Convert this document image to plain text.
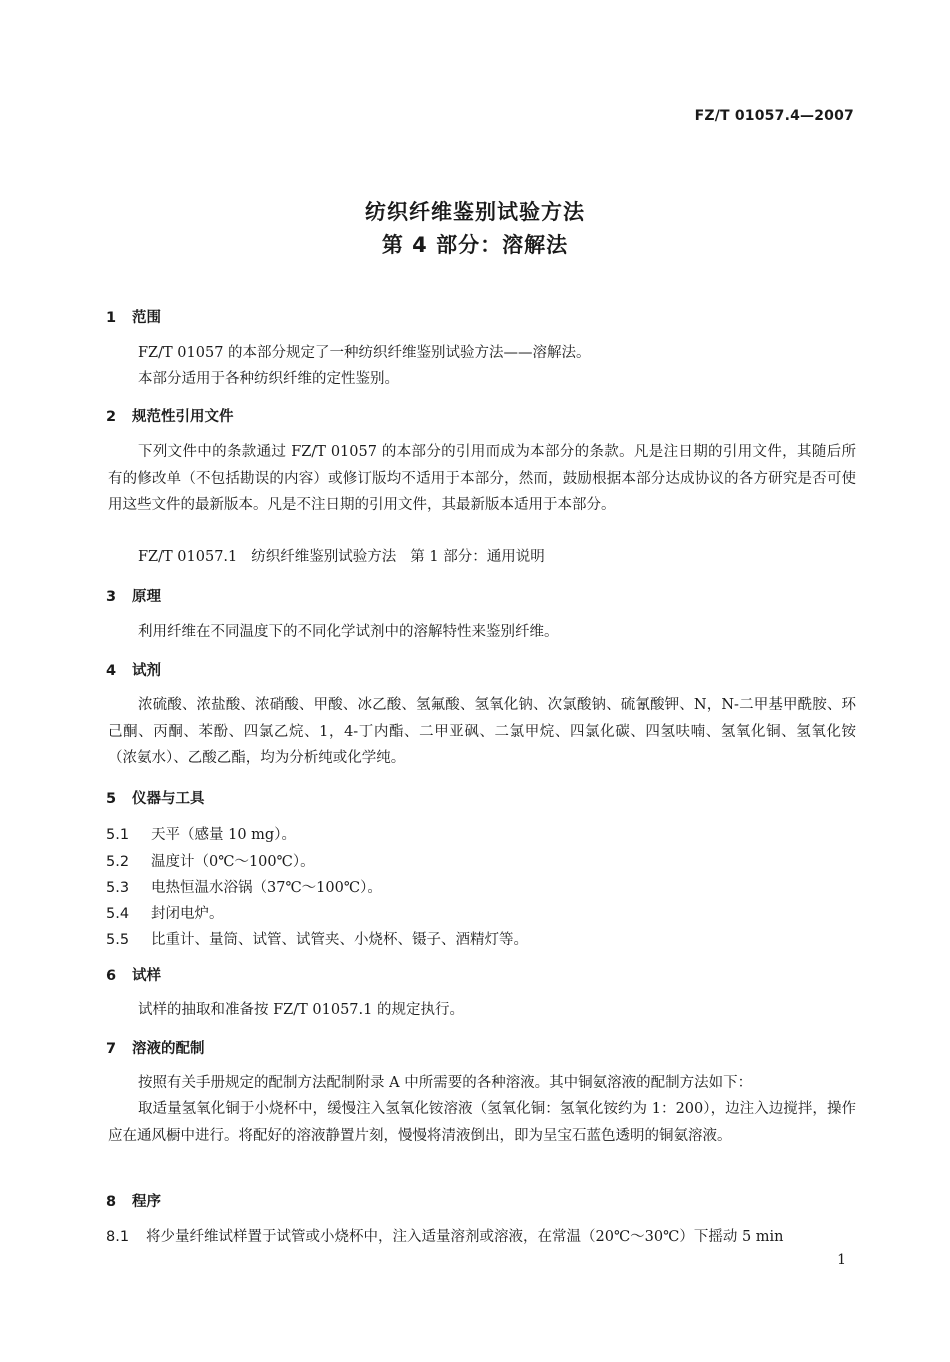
FZ/T 01057.4—2007
纺织纤维鉴别试验方法
第 4 部分：溶解法
1 范围
FZ/T 01057 的本部分规定了一种纺织纤维鉴别试验方法——溶解法。
本部分适用于各种纺织纤维的定性鉴别。
2 规范性引用文件
下列文件中的条款通过 FZ/T 01057 的本部分的引用而成为本部分的条款。凡是注日期的引用文件，其随后所有的修改单（不包括勘误的内容）或修订版均不适用于本部分，然而，鼓励根据本部分达成协议的各方研究是否可使用这些文件的最新版本。凡是不注日期的引用文件，其最新版本适用于本部分。
FZ/T 01057.1 纺织纤维鉴别试验方法 第 1 部分：通用说明
3 原理
利用纤维在不同温度下的不同化学试剂中的溶解特性来鉴别纤维。
4 试剂
浓硫酸、浓盐酸、浓硝酸、甲酸、冰乙酸、氢氟酸、氢氧化钠、次氯酸钠、硫氰酸钾、N，N-二甲基甲酰胺、环己酮、丙酮、苯酚、四氯乙烷、1，4-丁内酯、二甲亚砜、二氯甲烷、四氯化碳、四氢呋喃、氢氧化铜、氢氧化铵（浓氨水）、乙酸乙酯，均为分析纯或化学纯。
5 仪器与工具
5.1 天平（感量 10 mg）。
5.2 温度计（0℃～100℃）。
5.3 电热恒温水浴锅（37℃～100℃）。
5.4 封闭电炉。
5.5 比重计、量筒、试管、试管夹、小烧杯、镊子、酒精灯等。
6 试样
试样的抽取和准备按 FZ/T 01057.1 的规定执行。
7 溶液的配制
按照有关手册规定的配制方法配制附录 A 中所需要的各种溶液。其中铜氨溶液的配制方法如下：
取适量氢氧化铜于小烧杯中，缓慢注入氢氧化铵溶液（氢氧化铜：氢氧化铵约为 1：200），边注入边搅拌，操作应在通风橱中进行。将配好的溶液静置片刻，慢慢将清液倒出，即为呈宝石蓝色透明的铜氨溶液。
8 程序
8.1 将少量纤维试样置于试管或小烧杯中，注入适量溶剂或溶液，在常温（20℃～30℃）下摇动 5 min
1
